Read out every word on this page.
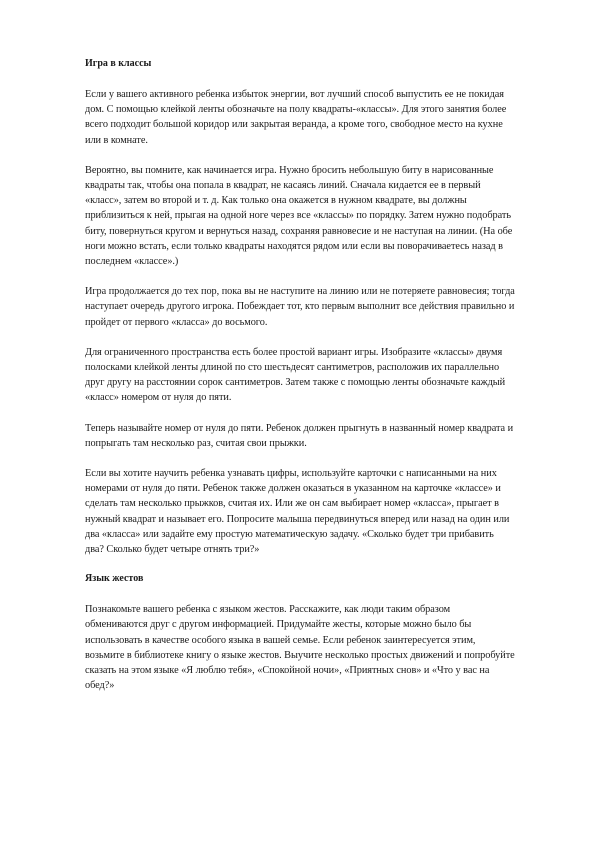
Игра в классы

Если у вашего активного ребенка избыток энергии, вот лучший способ выпустить ее не покидая дом. С помощью клейкой ленты обозначьте на полу квадраты-«классы». Для этого занятия более всего подходит большой коридор или закрытая веранда, а кроме того, свободное место на кухне или в комнате.

Вероятно, вы помните, как начинается игра. Нужно бросить небольшую биту в нарисованные квадраты так, чтобы она попала в квадрат, не касаясь линий. Сначала кидается ее в первый «класс», затем во второй и т. д. Как только она окажется в нужном квадрате, вы должны приблизиться к ней, прыгая на одной ноге через все «классы» по порядку. Затем нужно подобрать биту, повернуться кругом и вернуться назад, сохраняя равновесие и не наступая на линии. (На обе ноги можно встать, если только квадраты находятся рядом или если вы поворачиваетесь назад в последнем «классе».)

Игра продолжается до тех пор, пока вы не наступите на линию или не потеряете равновесия; тогда наступает очередь другого игрока. Побеждает тот, кто первым выполнит все действия правильно и пройдет от первого «класса» до восьмого.

Для ограниченного пространства есть более простой вариант игры. Изобразите «классы» двумя полосками клейкой ленты длиной по сто шестьдесят сантиметров, расположив их параллельно друг другу на расстоянии сорок сантиметров. Затем также с помощью ленты обозначьте каждый «класс» номером от нуля до пяти.

Теперь называйте номер от нуля до пяти. Ребенок должен прыгнуть в названный номер квадрата и попрыгать там несколько раз, считая свои прыжки.

Если вы хотите научить ребенка узнавать цифры, используйте карточки с написанными на них номерами от нуля до пяти. Ребенок также должен оказаться в указанном на карточке «классе» и сделать там несколько прыжков, считая их. Или же он сам выбирает номер «класса», прыгает в нужный квадрат и называет его. Попросите малыша передвинуться вперед или назад на один или два «класса» или задайте ему простую математическую задачу. «Сколько будет три прибавить два? Сколько будет четыре отнять три?»

Язык жестов

Познакомьте вашего ребенка с языком жестов. Расскажите, как люди таким образом обмениваются друг с другом информацией. Придумайте жесты, которые можно было бы использовать в качестве особого языка в вашей семье. Если ребенок заинтересуется этим, возьмите в библиотеке книгу о языке жестов. Выучите несколько простых движений и попробуйте сказать на этом языке «Я люблю тебя», «Спокойной ночи», «Приятных снов» и «Что у вас на обед?»
